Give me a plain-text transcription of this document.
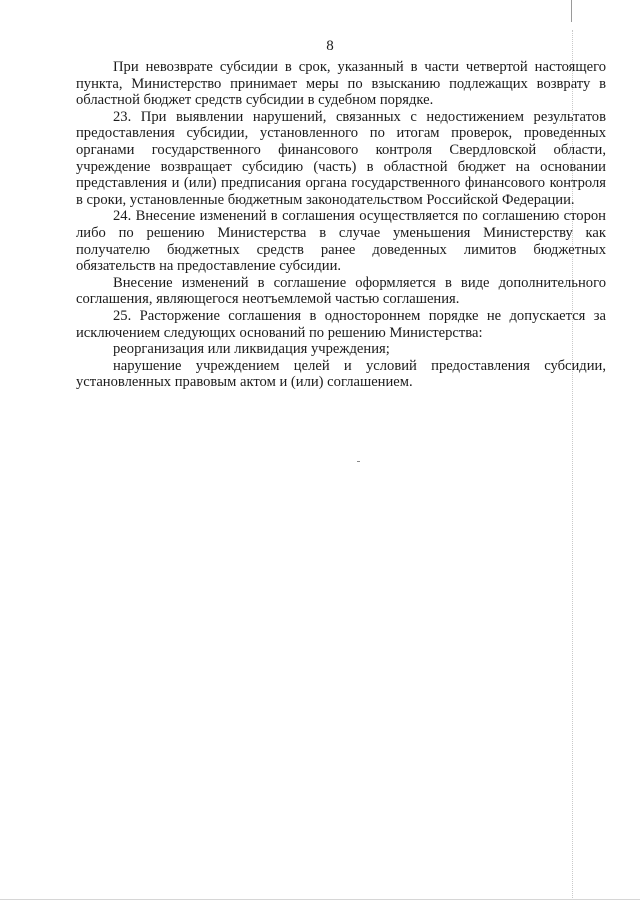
8

При невозврате субсидии в срок, указанный в части четвертой настоящего пункта, Министерство принимает меры по взысканию подлежащих возврату в областной бюджет средств субсидии в судебном порядке.

23. При выявлении нарушений, связанных с недостижением результатов предоставления субсидии, установленного по итогам проверок, проведенных органами государственного финансового контроля Свердловской области, учреждение возвращает субсидию (часть) в областной бюджет на основании представления и (или) предписания органа государственного финансового контроля в сроки, установленные бюджетным законодательством Российской Федерации.

24. Внесение изменений в соглашения осуществляется по соглашению сторон либо по решению Министерства в случае уменьшения Министерству как получателю бюджетных средств ранее доведенных лимитов бюджетных обязательств на предоставление субсидии.

Внесение изменений в соглашение оформляется в виде дополнительного соглашения, являющегося неотъемлемой частью соглашения.

25. Расторжение соглашения в одностороннем порядке не допускается за исключением следующих оснований по решению Министерства:

реорганизация или ликвидация учреждения;

нарушение учреждением целей и условий предоставления субсидии, установленных правовым актом и (или) соглашением.
